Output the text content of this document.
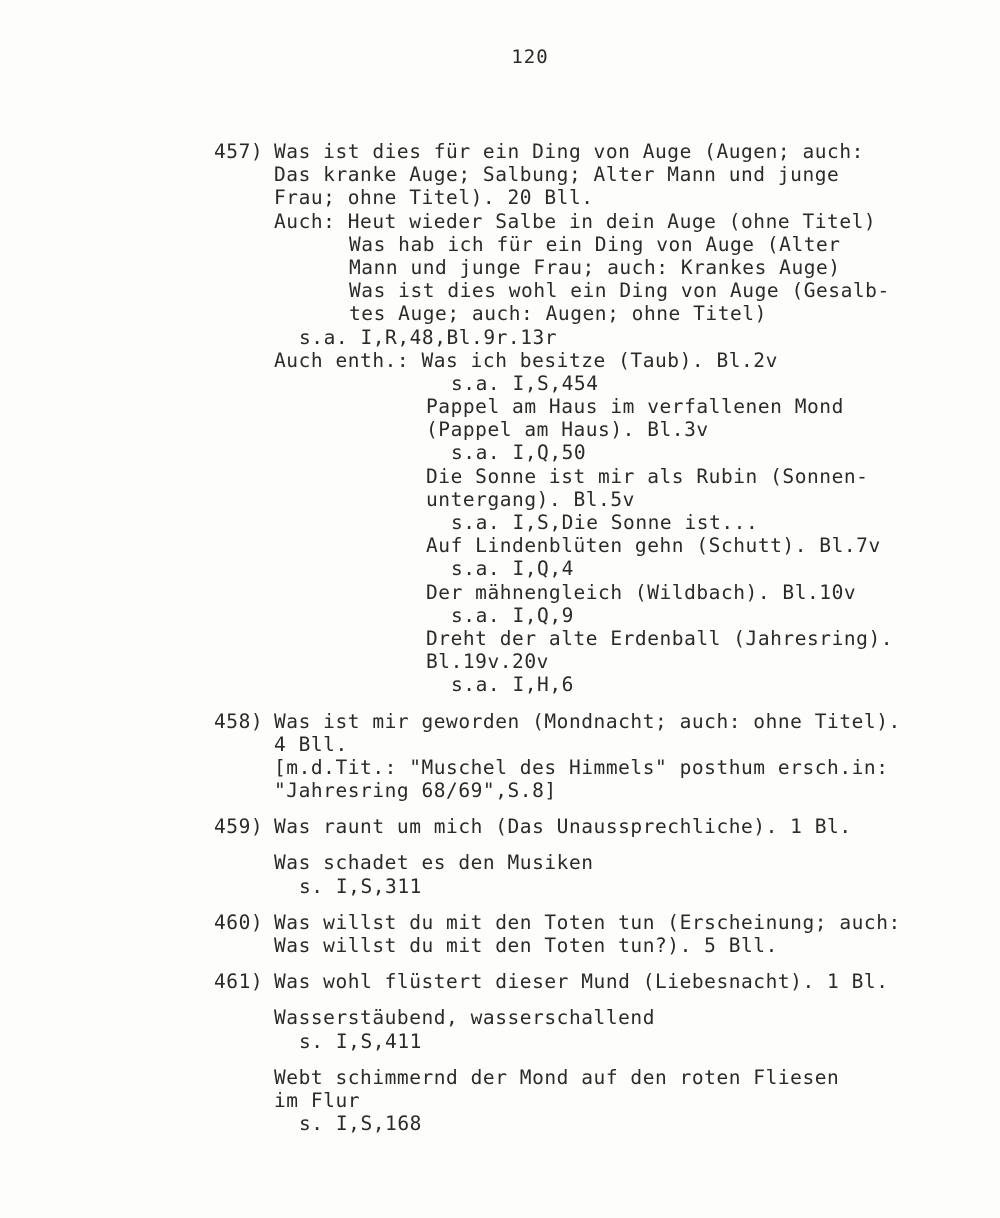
120
457) Was ist dies für ein Ding von Auge (Augen; auch:
Das kranke Auge; Salbung; Alter Mann und junge
Frau; ohne Titel). 20 Bll.
Auch: Heut wieder Salbe in dein Auge (ohne Titel)
Was hab ich für ein Ding von Auge (Alter
Mann und junge Frau; auch: Krankes Auge)
Was ist dies wohl ein Ding von Auge (Gesalb-
tes Auge; auch: Augen; ohne Titel)
s.a. I,R,48,Bl.9r.13r
Auch enth.: Was ich besitze (Taub). Bl.2v
s.a. I,S,454
Pappel am Haus im verfallenen Mond
(Pappel am Haus). Bl.3v
s.a. I,Q,50
Die Sonne ist mir als Rubin (Sonnen-
untergang). Bl.5v
s.a. I,S,Die Sonne ist...
Auf Lindenblüten gehn (Schutt). Bl.7v
s.a. I,Q,4
Der mähnengleich (Wildbach). Bl.10v
s.a. I,Q,9
Dreht der alte Erdenball (Jahresring).
Bl.19v.20v
s.a. I,H,6
458) Was ist mir geworden (Mondnacht; auch: ohne Titel).
4 Bll.
[m.d.Tit.: "Muschel des Himmels" posthum ersch.in:
"Jahresring 68/69",S.8]
459) Was raunt um mich (Das Unaussprechliche). 1 Bl.
Was schadet es den Musiken
s. I,S,311
460) Was willst du mit den Toten tun (Erscheinung; auch:
Was willst du mit den Toten tun?). 5 Bll.
461) Was wohl flüstert dieser Mund (Liebesnacht). 1 Bl.
Wasserstäubend, wasserschallend
s. I,S,411
Webt schimmernd der Mond auf den roten Fliesen
im Flur
s. I,S,168
